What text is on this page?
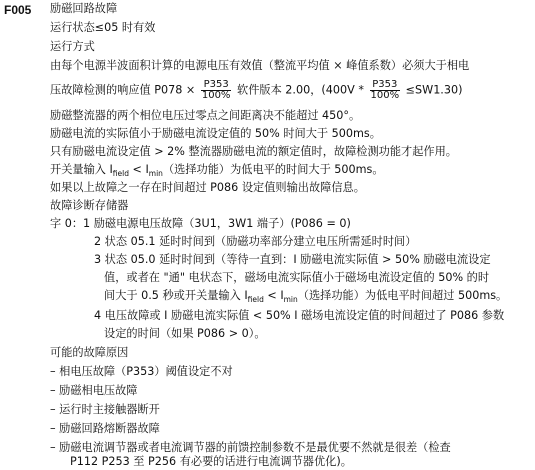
F005 励磁回路故障
运行状态≤05 时有效
运行方式
由每个电源半波面积计算的电源电压有效值（整流平均值 × 峰值系数）必须大于相电
压故障检测的响应值 $P078 \times \frac{P353}{100\%}$ 软件版本 2.00，$(400V * \frac{P353}{100\%} \le SW1.30)$
励磁整流器的两个相位电压过零点之间距离决不能超过 450°。
励磁电流的实际值小于励磁电流设定值的 50% 时间大于 500ms。
只有励磁电流设定值 > 2% 整流器励磁电流的额定值时，故障检测功能才起作用。
开关量输入 $I_{field} < I_{min}$（选择功能）为低电平的时间大于 500ms。
如果以上故障之一存在时间超过 P086 设定值则输出故障信息。
故障诊断存储器
字 0：1 励磁电源电压故障（3U1，3W1 端子）(P086 = 0)
2 状态 05.1 延时时间到（励磁功率部分建立电压所需延时时间）
3 状态 05.0 延时时间到（等待一直到：I 励磁电流实际值 > 50% 励磁电流设定
值，或者在 "通" 电状态下，磁场电流实际值小于磁场电流设定值的 50% 的时
间大于 0.5 秒或开关量输入 $I_{field} < I_{min}$（选择功能）为低电平时间超过 500ms。
4 电压故障或 I 励磁电流实际值 < 50% I 磁场电流设定值的时间超过了 P086 参数
设定的时间（如果 P086 > 0）。
可能的故障原因
– 相电压故障（P353）阈值设定不对
– 励磁相电压故障
– 运行时主接触器断开
– 励磁回路熔断器故障
– 励磁电流调节器或者电流调节器的前馈控制参数不是最优要不然就是很差（检查
P112 P253 至 P256 有必要的话进行电流调节器优化)。
